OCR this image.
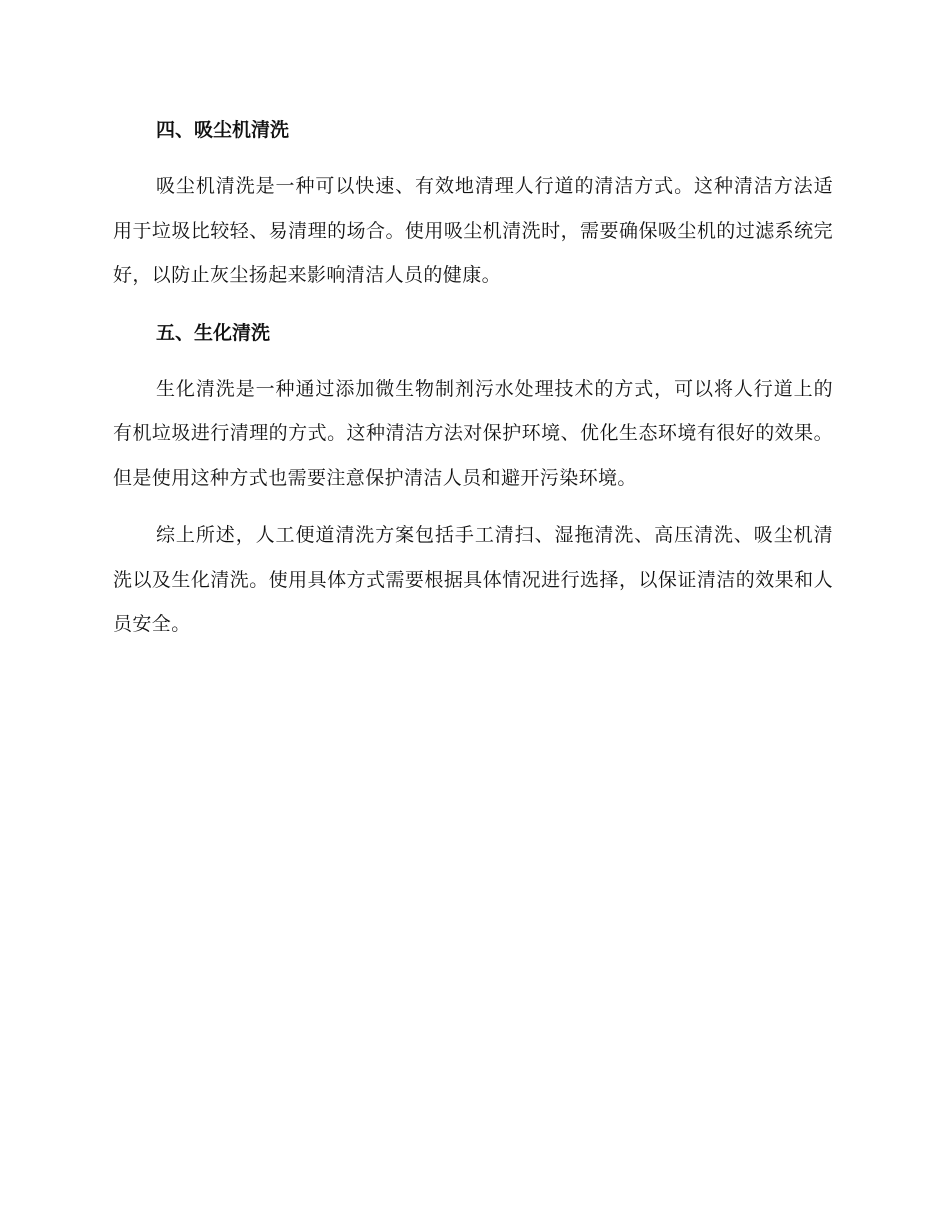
四、吸尘机清洗

吸尘机清洗是一种可以快速、有效地清理人行道的清洁方式。这种清洁方法适用于垃圾比较轻、易清理的场合。使用吸尘机清洗时，需要确保吸尘机的过滤系统完好，以防止灰尘扬起来影响清洁人员的健康。

五、生化清洗

生化清洗是一种通过添加微生物制剂污水处理技术的方式，可以将人行道上的有机垃圾进行清理的方式。这种清洁方法对保护环境、优化生态环境有很好的效果。但是使用这种方式也需要注意保护清洁人员和避开污染环境。

综上所述，人工便道清洗方案包括手工清扫、湿拖清洗、高压清洗、吸尘机清洗以及生化清洗。使用具体方式需要根据具体情况进行选择，以保证清洁的效果和人员安全。
